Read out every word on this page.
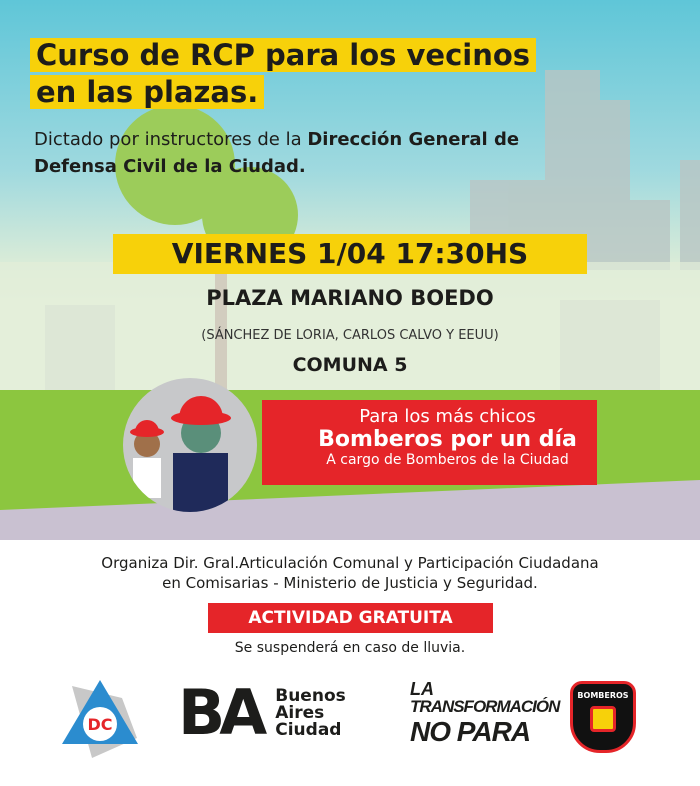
Curso de RCP para los vecinos
en las plazas.
Dictado por instructores de la Dirección General de
Defensa Civil de la Ciudad.
VIERNES 1/04 17:30HS
PLAZA MARIANO BOEDO
(SÁNCHEZ DE LORIA, CARLOS CALVO Y EEUU)
COMUNA 5
Para los más chicos
Bomberos por un día
A cargo de Bomberos de la Ciudad
Organiza Dir. Gral.Articulación Comunal y Participación Ciudadana
en Comisarias - Ministerio de Justicia y Seguridad.
ACTIVIDAD GRATUITA
Se suspenderá en caso de lluvia.
DC BA Buenos
Aires
Ciudad
LA
TRANSFORMACIÓN
NO PARA
BOMBEROS
